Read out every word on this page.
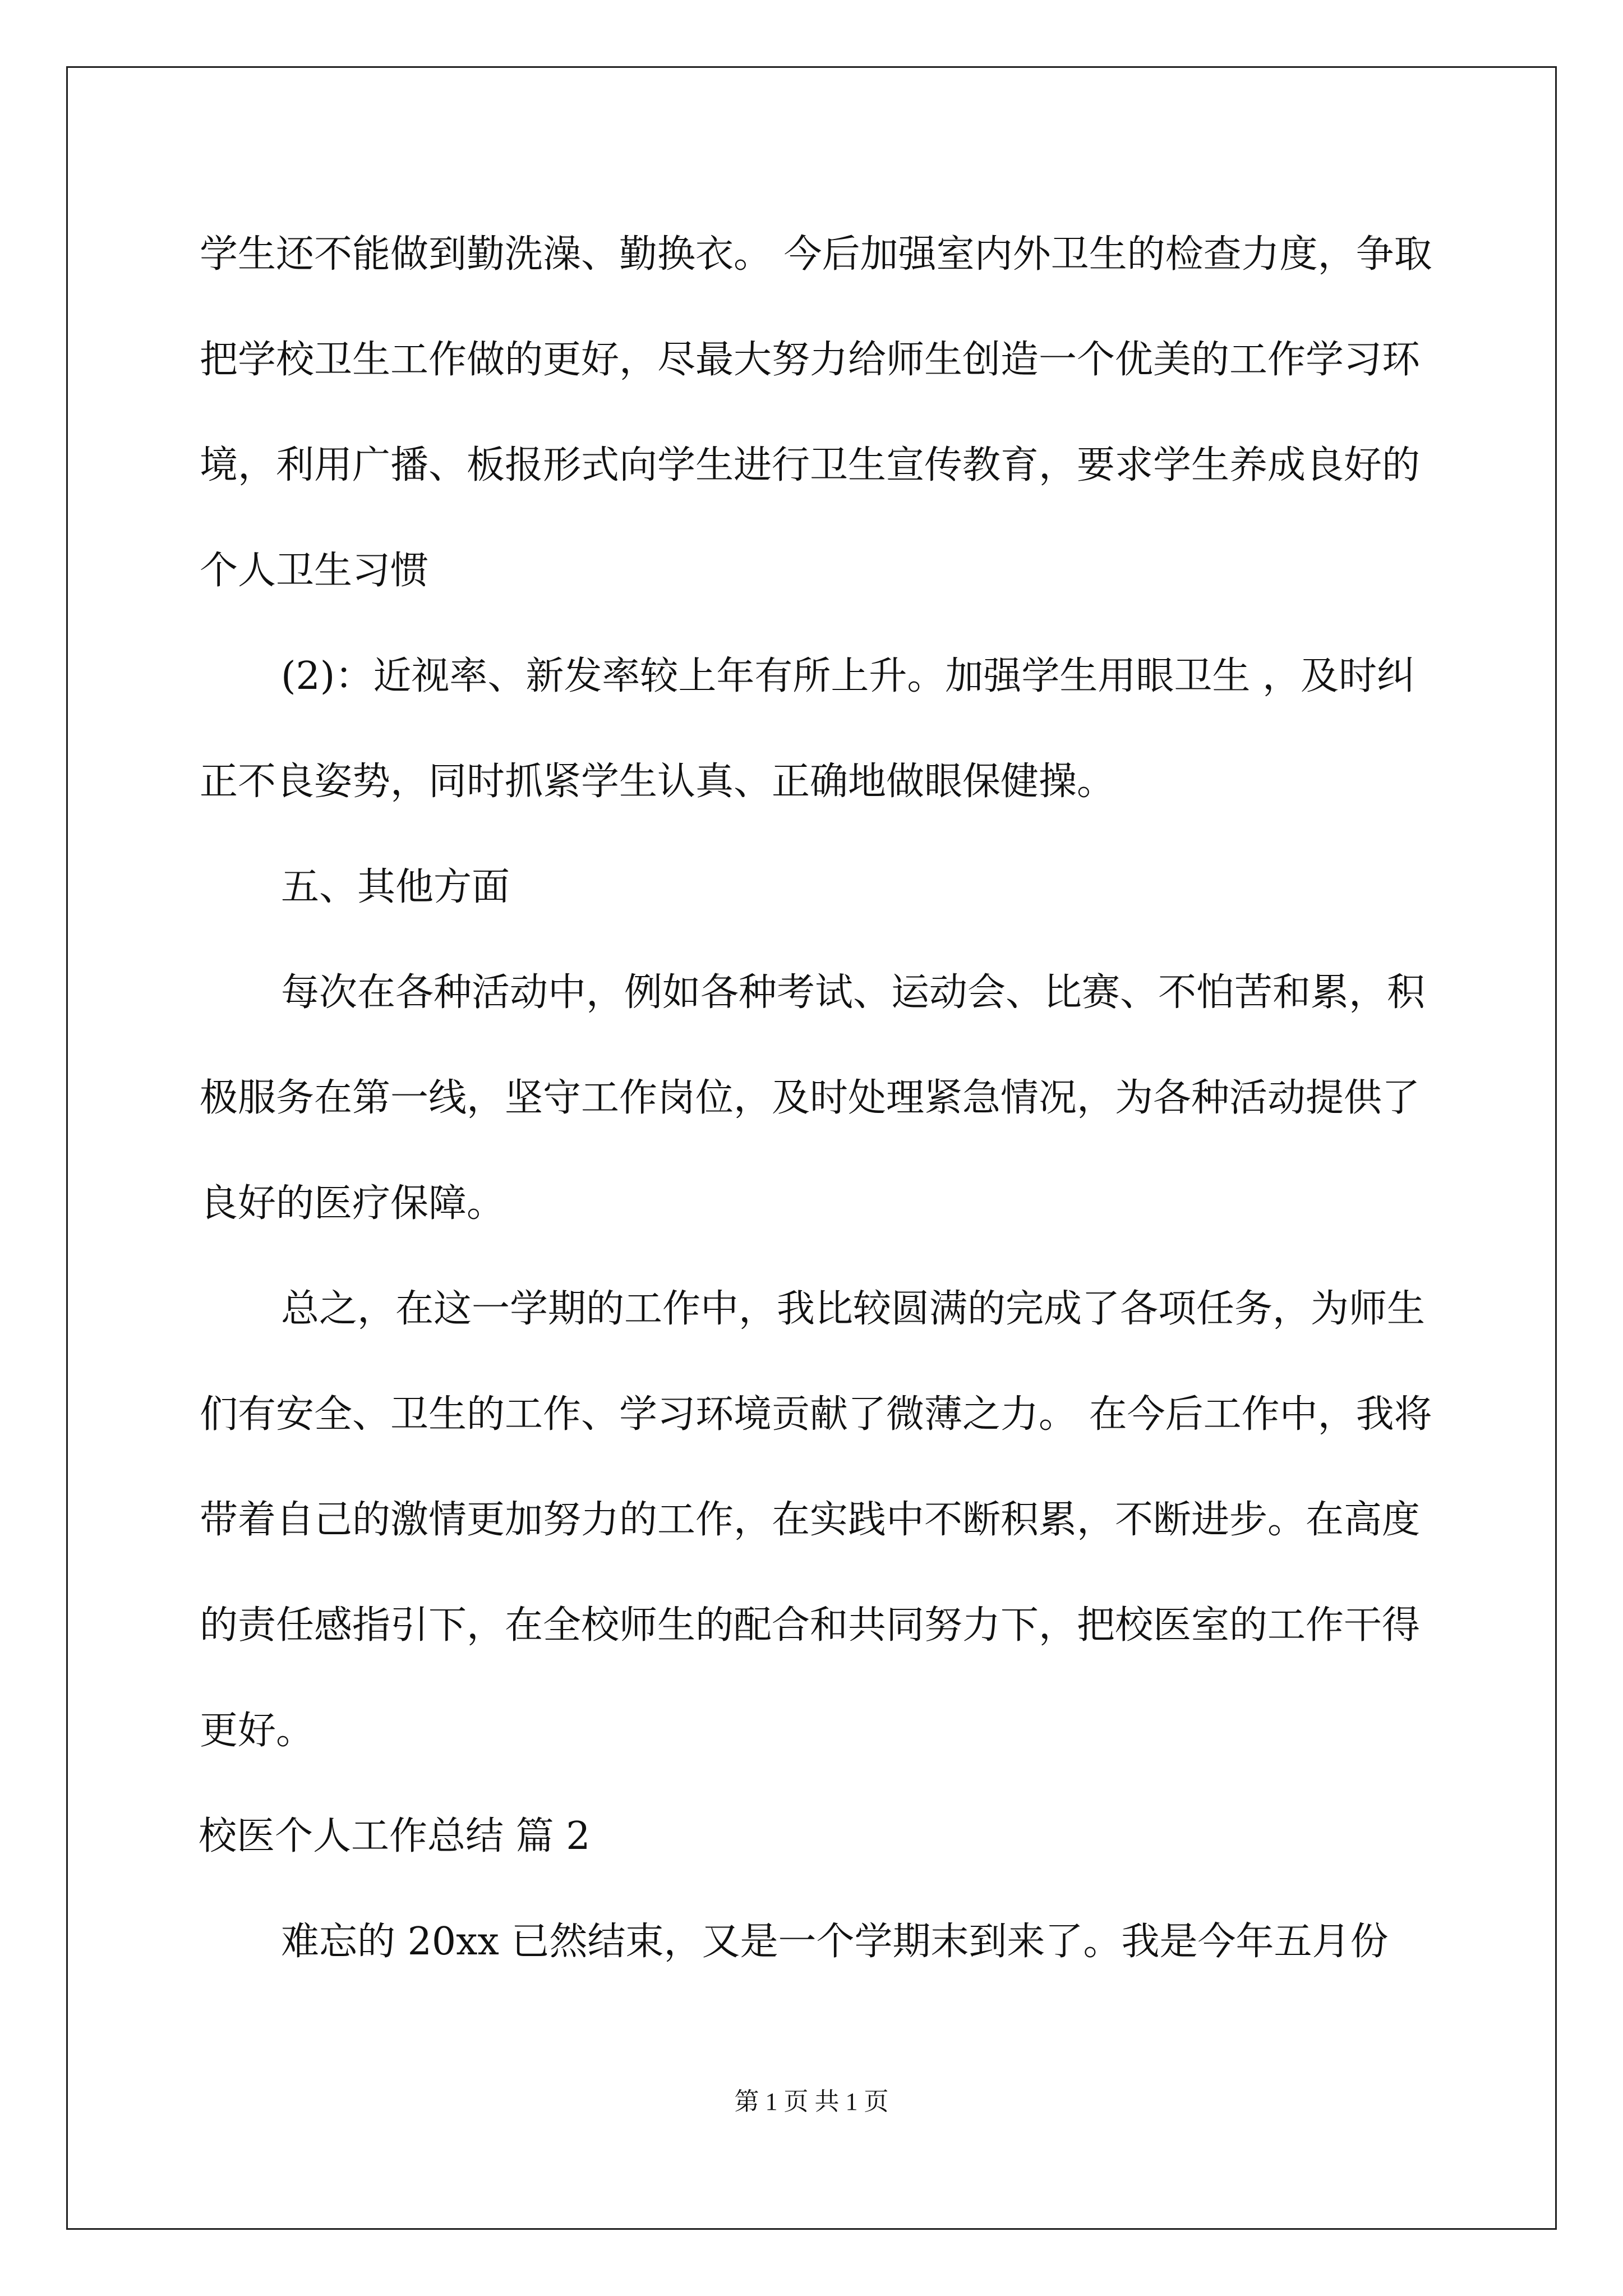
学生还不能做到勤洗澡、勤换衣。 今后加强室内外卫生的检查力度，争取把学校卫生工作做的更好，尽最大努力给师生创造一个优美的工作学习环境，利用广播、板报形式向学生进行卫生宣传教育，要求学生养成良好的个人卫生习惯

(2)：近视率、新发率较上年有所上升。加强学生用眼卫生 ，及时纠正不良姿势，同时抓紧学生认真、正确地做眼保健操。

五、其他方面

每次在各种活动中，例如各种考试、运动会、比赛、不怕苦和累，积极服务在第一线，坚守工作岗位，及时处理紧急情况，为各种活动提供了良好的医疗保障。

总之，在这一学期的工作中，我比较圆满的完成了各项任务，为师生们有安全、卫生的工作、学习环境贡献了微薄之力。 在今后工作中，我将带着自己的激情更加努力的工作，在实践中不断积累，不断进步。在高度的责任感指引下，在全校师生的配合和共同努力下，把校医室的工作干得更好。

校医个人工作总结 篇 2

难忘的 20xx 已然结束，又是一个学期末到来了。我是今年五月份

第 1 页 共 1 页
